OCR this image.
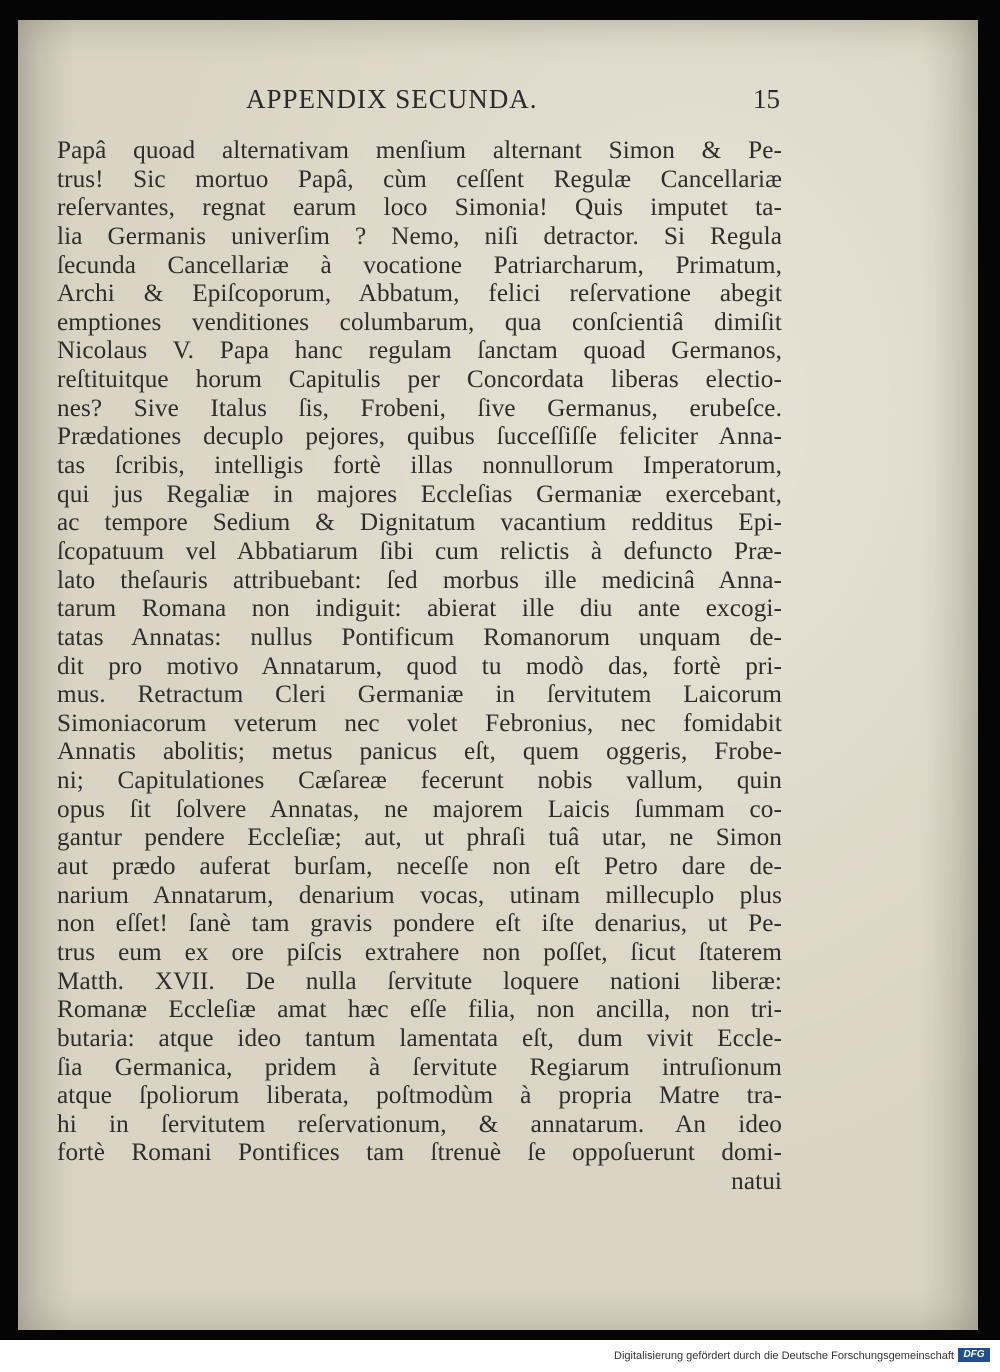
APPENDIX SECUNDA.	15
Papâ quoad alternativam menſium alternant Simon & Pe-
trus! Sic mortuo Papâ, cùm ceſſent Regulæ Cancellariæ
reſervantes, regnat earum loco Simonia! Quis imputet ta-
lia Germanis univerſim ? Nemo, niſi detractor. Si Regula
ſecunda Cancellariæ à vocatione Patriarcharum, Primatum,
Archi & Epiſcoporum, Abbatum, felici reſervatione abegit
emptiones venditiones columbarum, qua conſcientiâ dimiſit
Nicolaus V. Papa hanc regulam ſanctam quoad Germanos,
reſtituitque horum Capitulis per Concordata liberas electio-
nes? Sive Italus ſis, Frobeni, ſive Germanus, erubeſce.
Prædationes decuplo pejores, quibus ſucceſſiſſe feliciter Anna-
tas ſcribis, intelligis fortè illas nonnullorum Imperatorum,
qui jus Regaliæ in majores Eccleſias Germaniæ exercebant,
ac tempore Sedium & Dignitatum vacantium redditus Epi-
ſcopatuum vel Abbatiarum ſibi cum relictis à defuncto Præ-
lato theſauris attribuebant: ſed morbus ille medicinâ Anna-
tarum Romana non indiguit: abierat ille diu ante excogi-
tatas Annatas: nullus Pontificum Romanorum unquam de-
dit pro motivo Annatarum, quod tu modò das, fortè pri-
mus. Retractum Cleri Germaniæ in ſervitutem Laicorum
Simoniacorum veterum nec volet Febronius, nec fomidabit
Annatis abolitis; metus panicus eſt, quem oggeris, Frobe-
ni; Capitulationes Cæſareæ fecerunt nobis vallum, quin
opus ſit ſolvere Annatas, ne majorem Laicis ſummam co-
gantur pendere Eccleſiæ; aut, ut phraſi tuâ utar, ne Simon
aut prædo auferat burſam, neceſſe non eſt Petro dare de-
narium Annatarum, denarium vocas, utinam millecuplo plus
non eſſet! ſanè tam gravis pondere eſt iſte denarius, ut Pe-
trus eum ex ore piſcis extrahere non poſſet, ſicut ſtaterem
Matth. XVII. De nulla ſervitute loquere nationi liberæ:
Romanæ Eccleſiæ amat hæc eſſe filia, non ancilla, non tri-
butaria: atque ideo tantum lamentata eſt, dum vivit Eccle-
ſia Germanica, pridem à ſervitute Regiarum intruſionum
atque ſpoliorum liberata, poſtmodùm à propria Matre tra-
hi in ſervitutem reſervationum, & annatarum. An ideo
fortè Romani Pontifices tam ſtrenuè ſe oppoſuerunt domi-
natui
Digitalisierung gefördert durch die Deutsche Forschungsgemeinschaft DFG
